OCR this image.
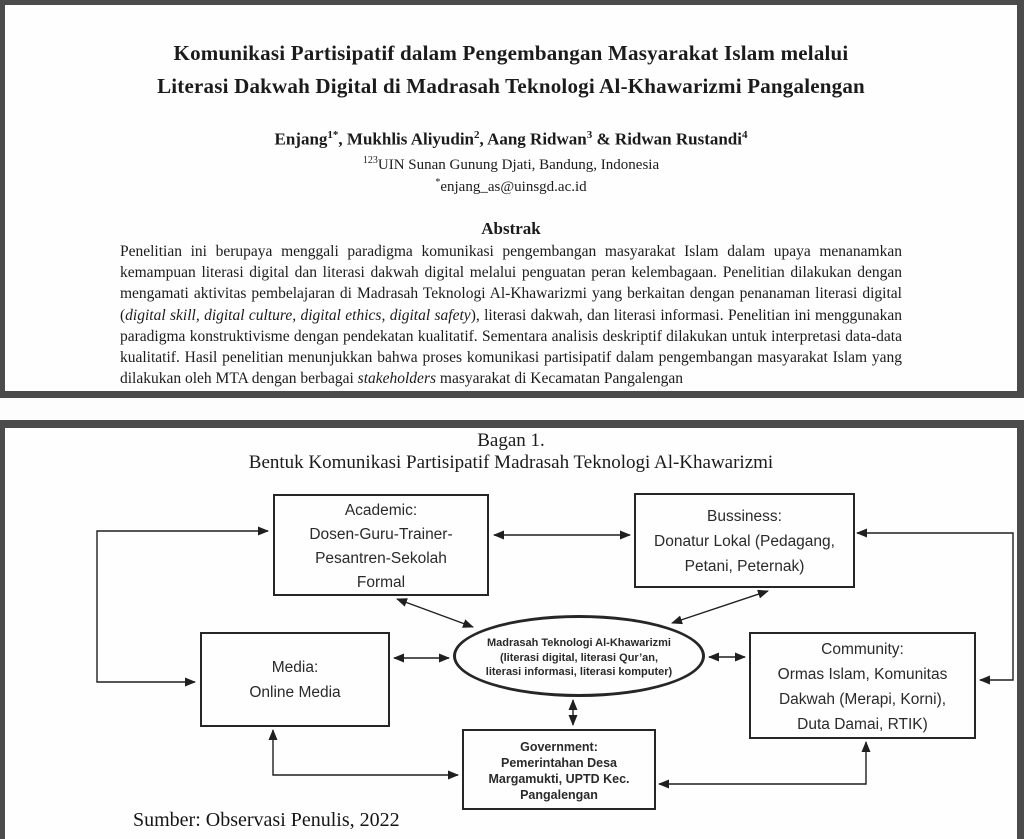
Komunikasi Partisipatif dalam Pengembangan Masyarakat Islam melalui
Literasi Dakwah Digital di Madrasah Teknologi Al-Khawarizmi Pangalengan
Enjang$^{1*}$, Mukhlis Aliyudin$^2$, Aang Ridwan$^3$ & Ridwan Rustandi$^4$
$^{123}$UIN Sunan Gunung Djati, Bandung, Indonesia
*enjang_as@uinsgd.ac.id
Abstrak
Penelitian ini berupaya menggali paradigma komunikasi pengembangan masyarakat Islam dalam upaya menanamkan kemampuan literasi digital dan literasi dakwah digital melalui penguatan peran kelembagaan. Penelitian dilakukan dengan mengamati aktivitas pembelajaran di Madrasah Teknologi Al-Khawarizmi yang berkaitan dengan penanaman literasi digital (digital skill, digital culture, digital ethics, digital safety), literasi dakwah, dan literasi informasi. Penelitian ini menggunakan paradigma konstruktivisme dengan pendekatan kualitatif. Sementara analisis deskriptif dilakukan untuk interpretasi data-data kualitatif. Hasil penelitian menunjukkan bahwa proses komunikasi partisipatif dalam pengembangan masyarakat Islam yang dilakukan oleh MTA dengan berbagai stakeholders masyarakat di Kecamatan Pangalengan
Bagan 1.
Bentuk Komunikasi Partisipatif Madrasah Teknologi Al-Khawarizmi
Academic:
Dosen-Guru-Trainer-
Pesantren-Sekolah
Formal
Bussiness:
Donatur Lokal (Pedagang,
Petani, Peternak)
Media:
Online Media
Community:
Ormas Islam, Komunitas
Dakwah (Merapi, Korni),
Duta Damai, RTIK)
Government:
Pemerintahan Desa
Margamukti, UPTD Kec.
Pangalengan
Madrasah Teknologi Al-Khawarizmi
(literasi digital, literasi Qur’an,
literasi informasi, literasi komputer)
Sumber: Observasi Penulis, 2022
